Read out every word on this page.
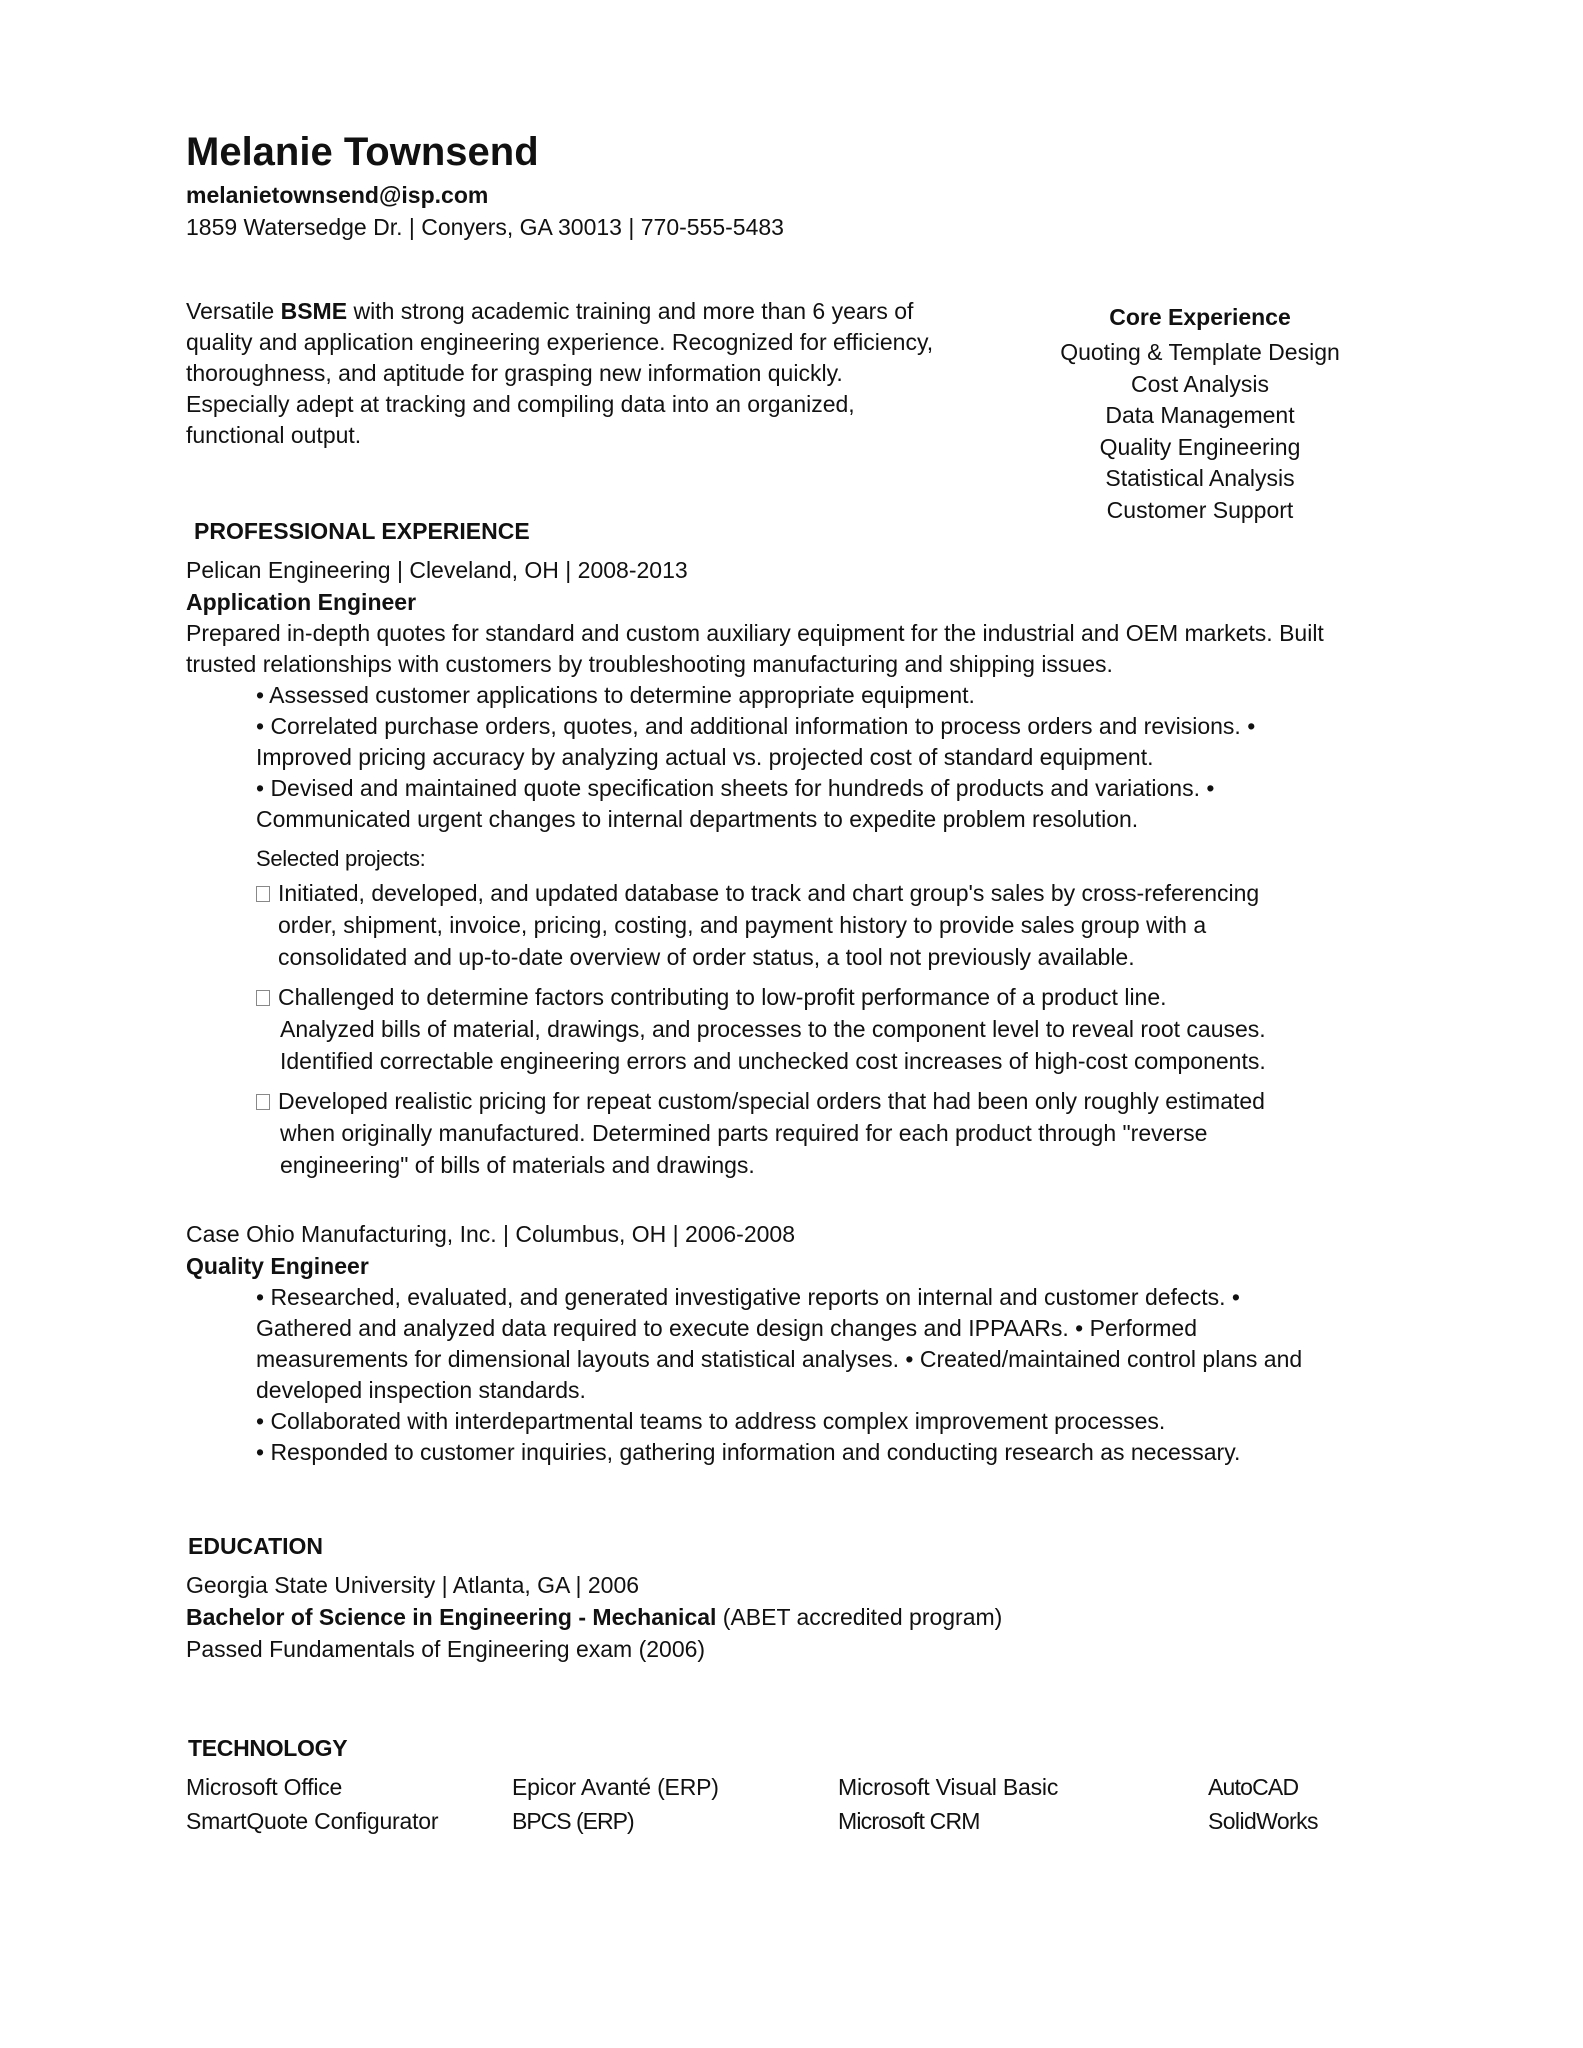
Melanie Townsend
melanietownsend@isp.com
1859 Watersedge Dr. | Conyers, GA 30013 | 770-555-5483
Versatile BSME with strong academic training and more than 6 years of quality and application engineering experience. Recognized for efficiency, thoroughness, and aptitude for grasping new information quickly. Especially adept at tracking and compiling data into an organized, functional output.
Core Experience
Quoting & Template Design
Cost Analysis
Data Management
Quality Engineering
Statistical Analysis
Customer Support
PROFESSIONAL EXPERIENCE
Pelican Engineering | Cleveland, OH | 2008-2013
Application Engineer
Prepared in-depth quotes for standard and custom auxiliary equipment for the industrial and OEM markets. Built trusted relationships with customers by troubleshooting manufacturing and shipping issues.
• Assessed customer applications to determine appropriate equipment.
• Correlated purchase orders, quotes, and additional information to process orders and revisions. •
Improved pricing accuracy by analyzing actual vs. projected cost of standard equipment.
• Devised and maintained quote specification sheets for hundreds of products and variations. •
Communicated urgent changes to internal departments to expedite problem resolution.
Selected projects:
Initiated, developed, and updated database to track and chart group's sales by cross-referencing
order, shipment, invoice, pricing, costing, and payment history to provide sales group with a
consolidated and up-to-date overview of order status, a tool not previously available.
Challenged to determine factors contributing to low-profit performance of a product line.
Analyzed bills of material, drawings, and processes to the component level to reveal root causes.
Identified correctable engineering errors and unchecked cost increases of high-cost components.
Developed realistic pricing for repeat custom/special orders that had been only roughly estimated
when originally manufactured. Determined parts required for each product through "reverse
engineering" of bills of materials and drawings.
Case Ohio Manufacturing, Inc. | Columbus, OH | 2006-2008
Quality Engineer
• Researched, evaluated, and generated investigative reports on internal and customer defects. •
Gathered and analyzed data required to execute design changes and IPPAARs. • Performed
measurements for dimensional layouts and statistical analyses. • Created/maintained control plans and
developed inspection standards.
• Collaborated with interdepartmental teams to address complex improvement processes.
• Responded to customer inquiries, gathering information and conducting research as necessary.
EDUCATION
Georgia State University | Atlanta, GA | 2006
Bachelor of Science in Engineering - Mechanical (ABET accredited program)
Passed Fundamentals of Engineering exam (2006)
TECHNOLOGY
Microsoft Office
SmartQuote Configurator
Epicor Avanté (ERP)
BPCS (ERP)
Microsoft Visual Basic
Microsoft CRM
AutoCAD
SolidWorks
